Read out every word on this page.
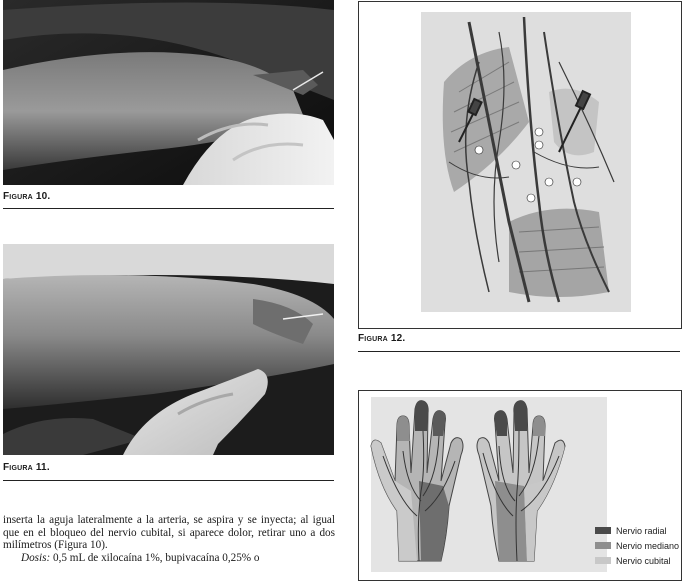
Figura 10.
Figura 11.

inserta la aguja lateralmente a la arteria, se aspira y se inyecta; al igual que en el bloqueo del nervio cubital, si aparece dolor, retirar uno a dos milímetros (Figura 10).

Dosis: 0,5 mL de xilocaína 1%, bupivacaína 0,25% o

Figura 12.
Nervio radial
Nervio mediano
Nervio cubital
